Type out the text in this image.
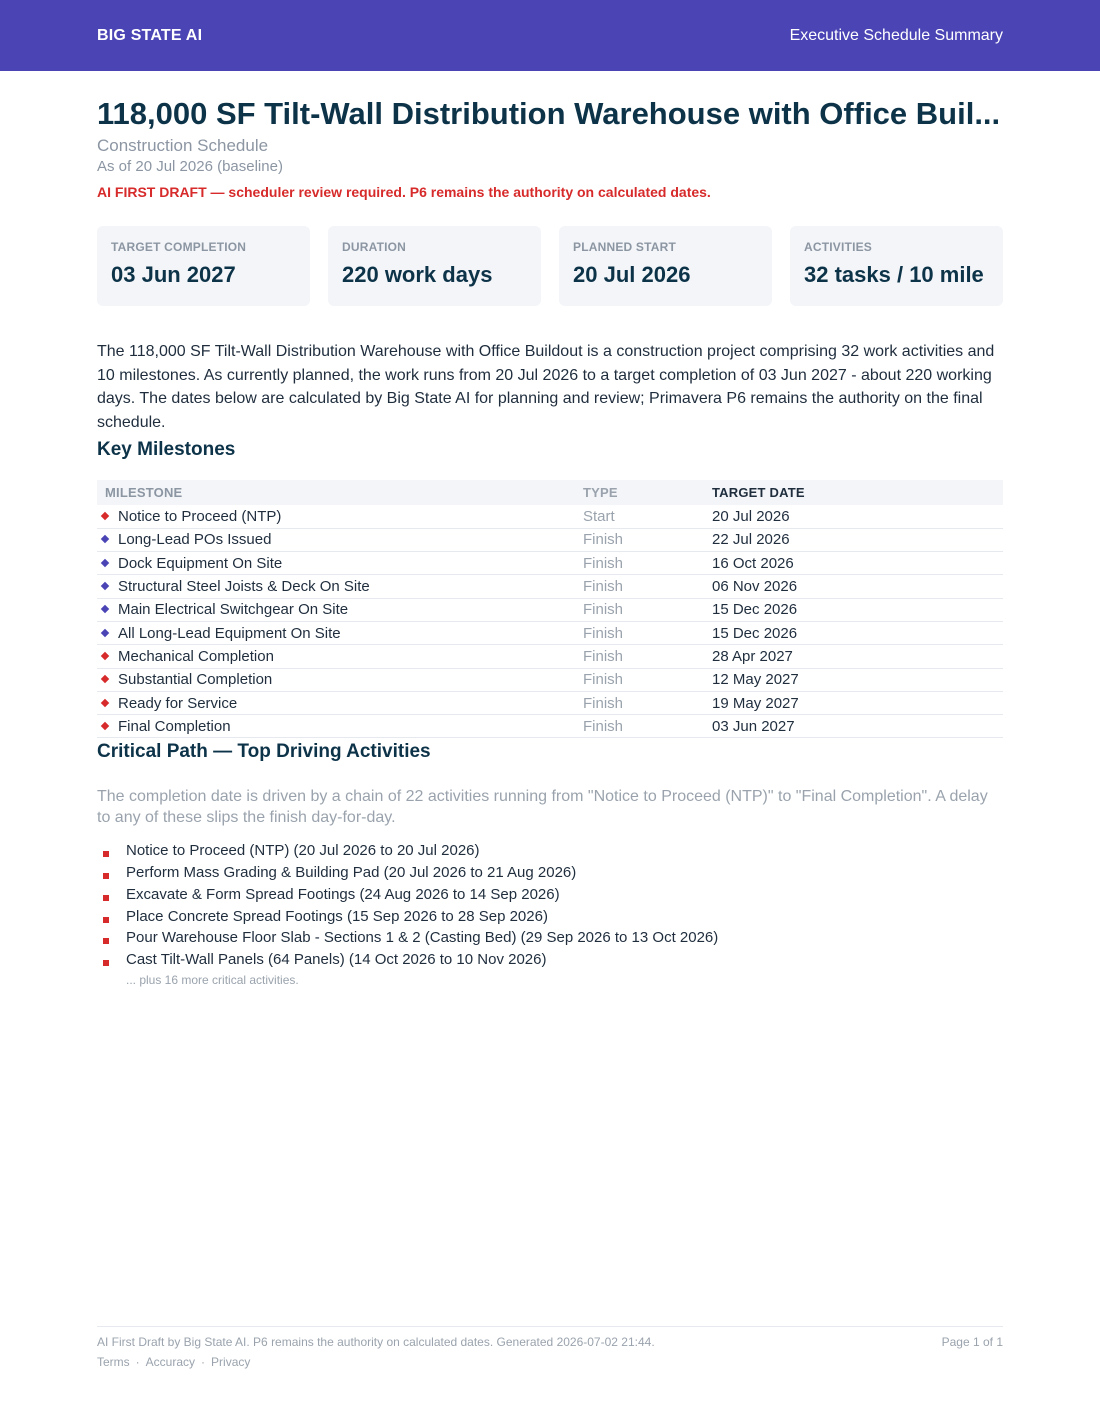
BIG STATE AI	Executive Schedule Summary
118,000 SF Tilt-Wall Distribution Warehouse with Office Buil...
Construction Schedule
As of 20 Jul 2026 (baseline)
AI FIRST DRAFT — scheduler review required. P6 remains the authority on calculated dates.
TARGET COMPLETION
03 Jun 2027
DURATION
220 work days
PLANNED START
20 Jul 2026
ACTIVITIES
32 tasks / 10 mile

The 118,000 SF Tilt-Wall Distribution Warehouse with Office Buildout is a construction project comprising 32 work activities and 10 milestones. As currently planned, the work runs from 20 Jul 2026 to a target completion of 03 Jun 2027 - about 220 working days. The dates below are calculated by Big State AI for planning and review; Primavera P6 remains the authority on the final schedule.

Key Milestones
MILESTONE	TYPE	TARGET DATE
Notice to Proceed (NTP)	Start	20 Jul 2026
Long-Lead POs Issued	Finish	22 Jul 2026
Dock Equipment On Site	Finish	16 Oct 2026
Structural Steel Joists & Deck On Site	Finish	06 Nov 2026
Main Electrical Switchgear On Site	Finish	15 Dec 2026
All Long-Lead Equipment On Site	Finish	15 Dec 2026
Mechanical Completion	Finish	28 Apr 2027
Substantial Completion	Finish	12 May 2027
Ready for Service	Finish	19 May 2027
Final Completion	Finish	03 Jun 2027
Critical Path — Top Driving Activities

The completion date is driven by a chain of 22 activities running from "Notice to Proceed (NTP)" to "Final Completion". A delay to any of these slips the finish day-for-day.

Notice to Proceed (NTP) (20 Jul 2026 to 20 Jul 2026)
Perform Mass Grading & Building Pad (20 Jul 2026 to 21 Aug 2026)
Excavate & Form Spread Footings (24 Aug 2026 to 14 Sep 2026)
Place Concrete Spread Footings (15 Sep 2026 to 28 Sep 2026)
Pour Warehouse Floor Slab - Sections 1 & 2 (Casting Bed) (29 Sep 2026 to 13 Oct 2026)
Cast Tilt-Wall Panels (64 Panels) (14 Oct 2026 to 10 Nov 2026)
... plus 16 more critical activities.
AI First Draft by Big State AI. P6 remains the authority on calculated dates. Generated 2026-07-02 21:44.	Page 1 of 1
Terms · Accuracy · Privacy
